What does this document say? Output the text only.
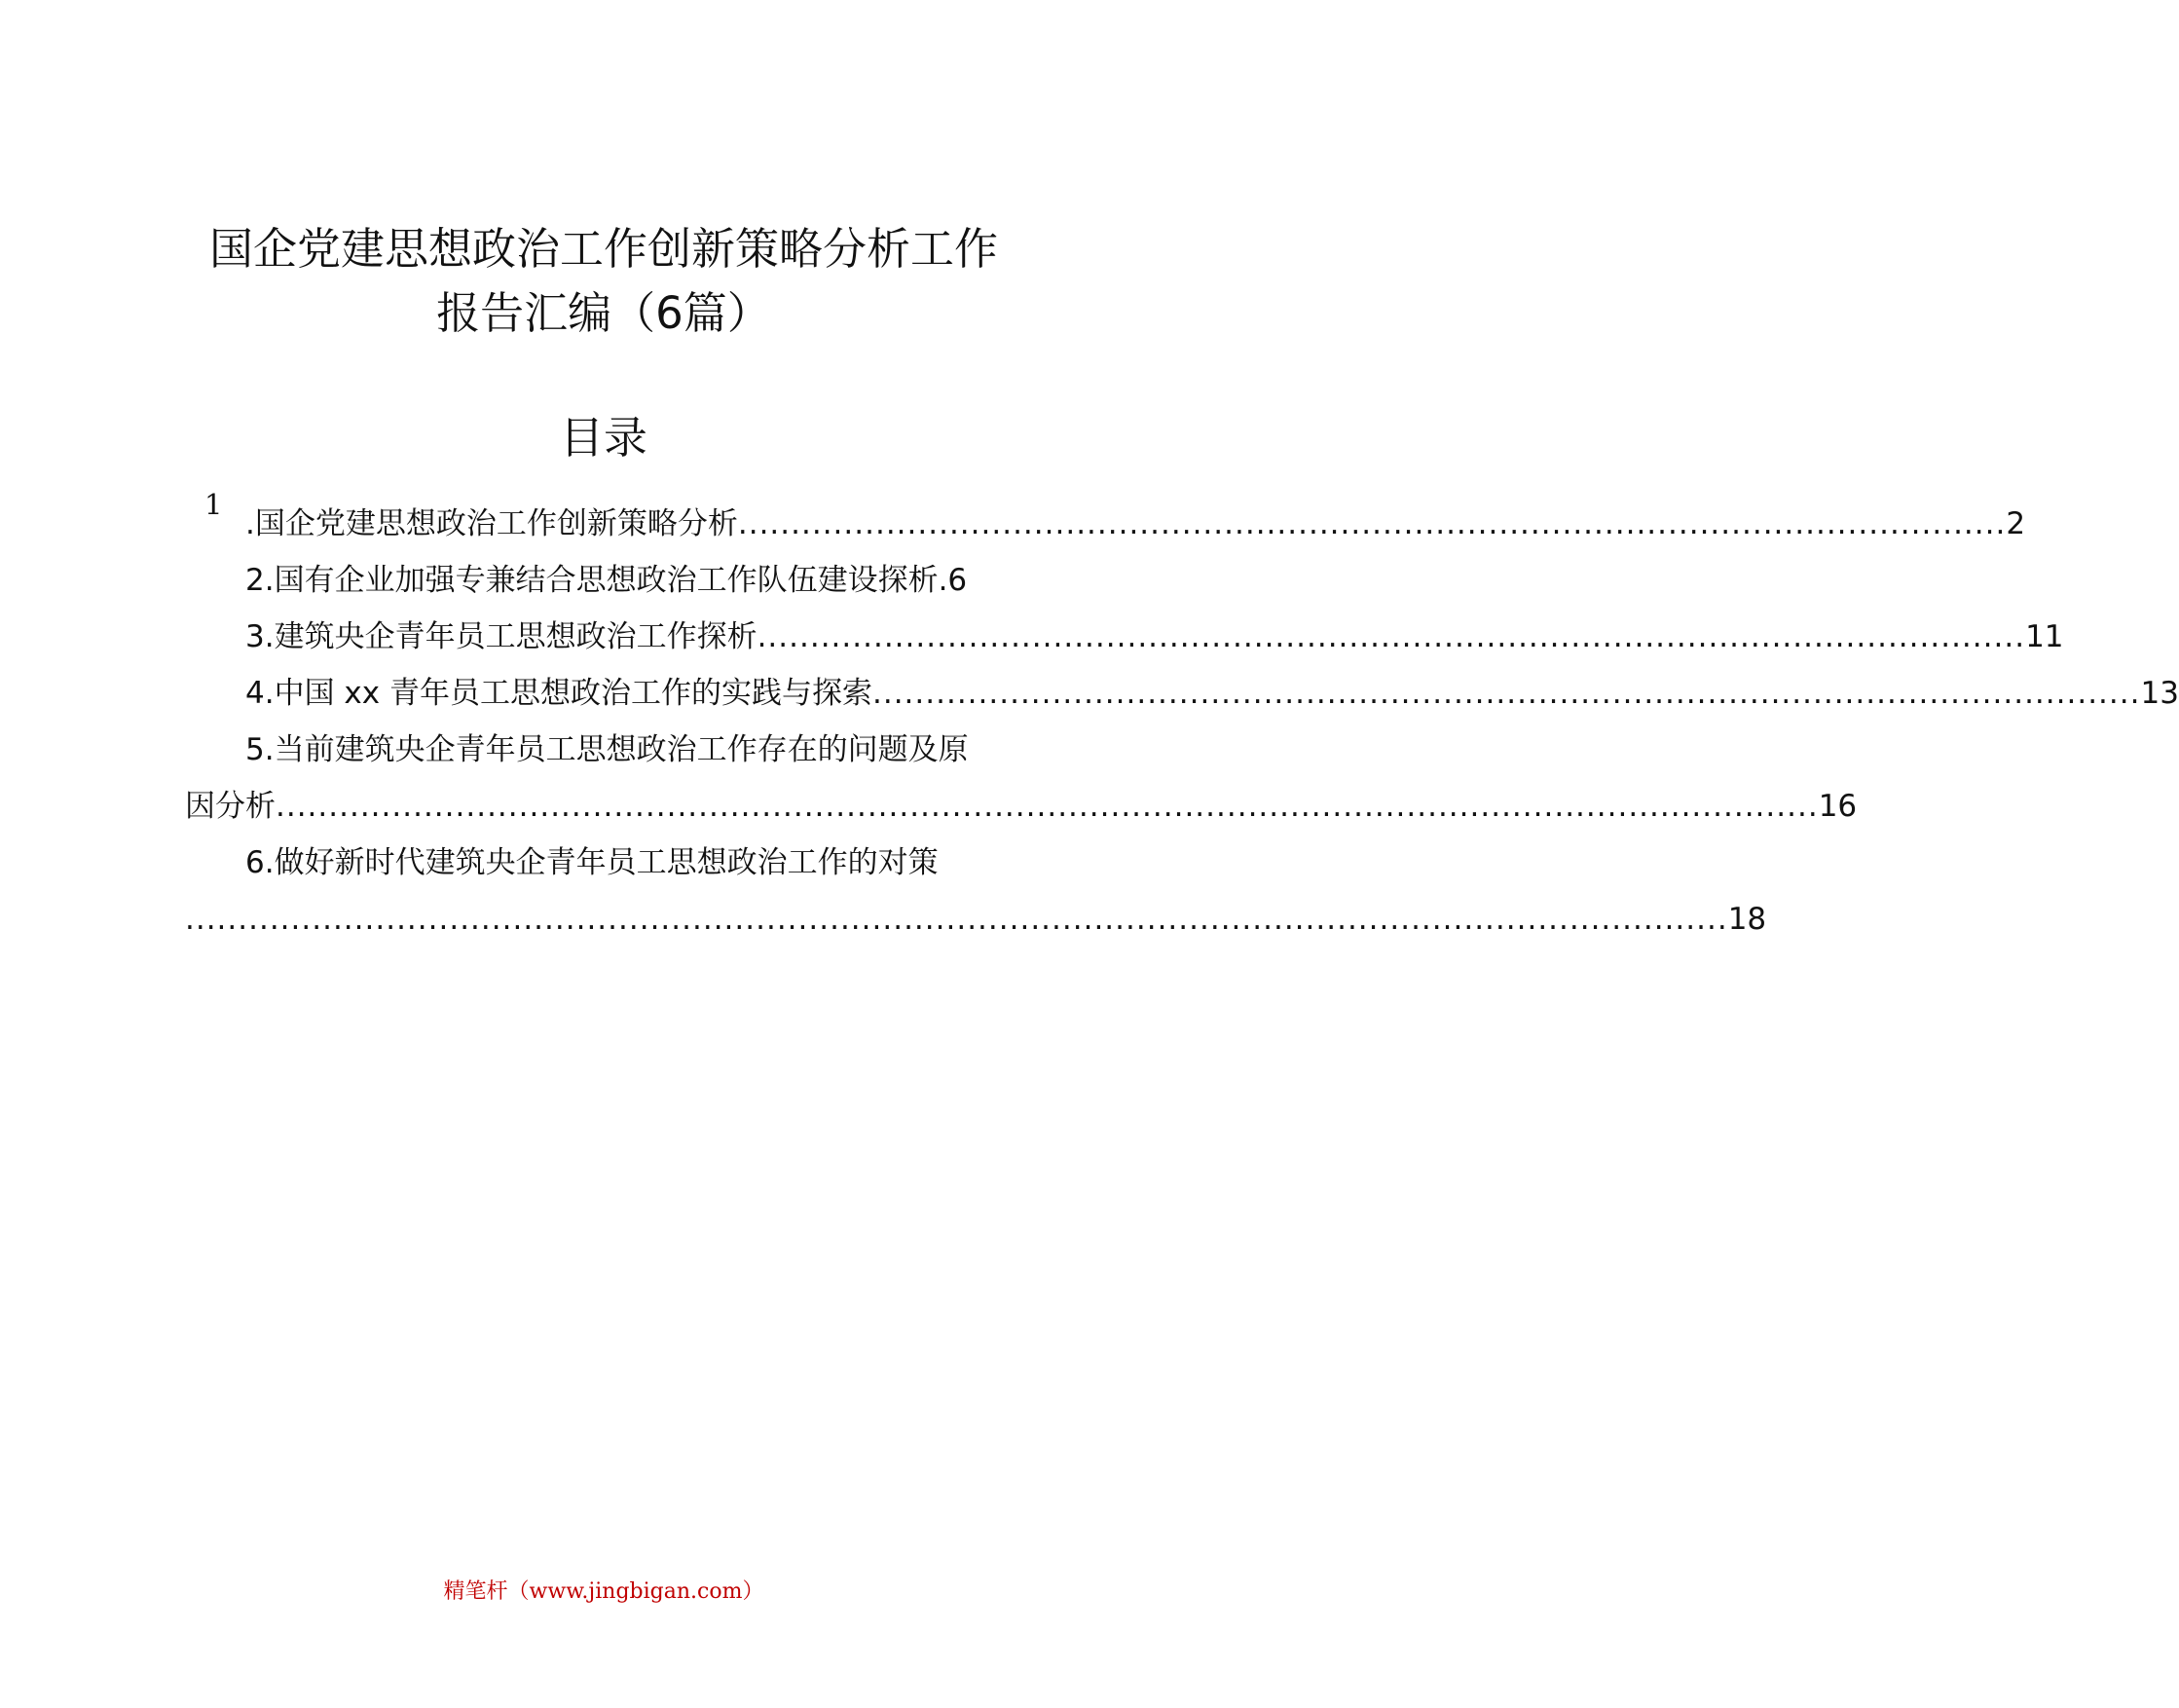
国企党建思想政治工作创新策略分析工作
报告汇编（6篇）
目录
1
.国企党建思想政治工作创新策略分析 ........................................................................................................................ 2
2.国有企业加强专兼结合思想政治工作队伍建设探析 .6
3.建筑央企青年员工思想政治工作探析 ........................................................................................................................ 11
4.中国 xx 青年员工思想政治工作的实践与探索 ........................................................................................................................ 13
5.当前建筑央企青年员工思想政治工作存在的问题及原
因分析 .................................................................................................................................................. 16
6.做好新时代建筑央企青年员工思想政治工作的对策
.................................................................................................................................................. 18
精笔杆（www.jingbigan.com）
